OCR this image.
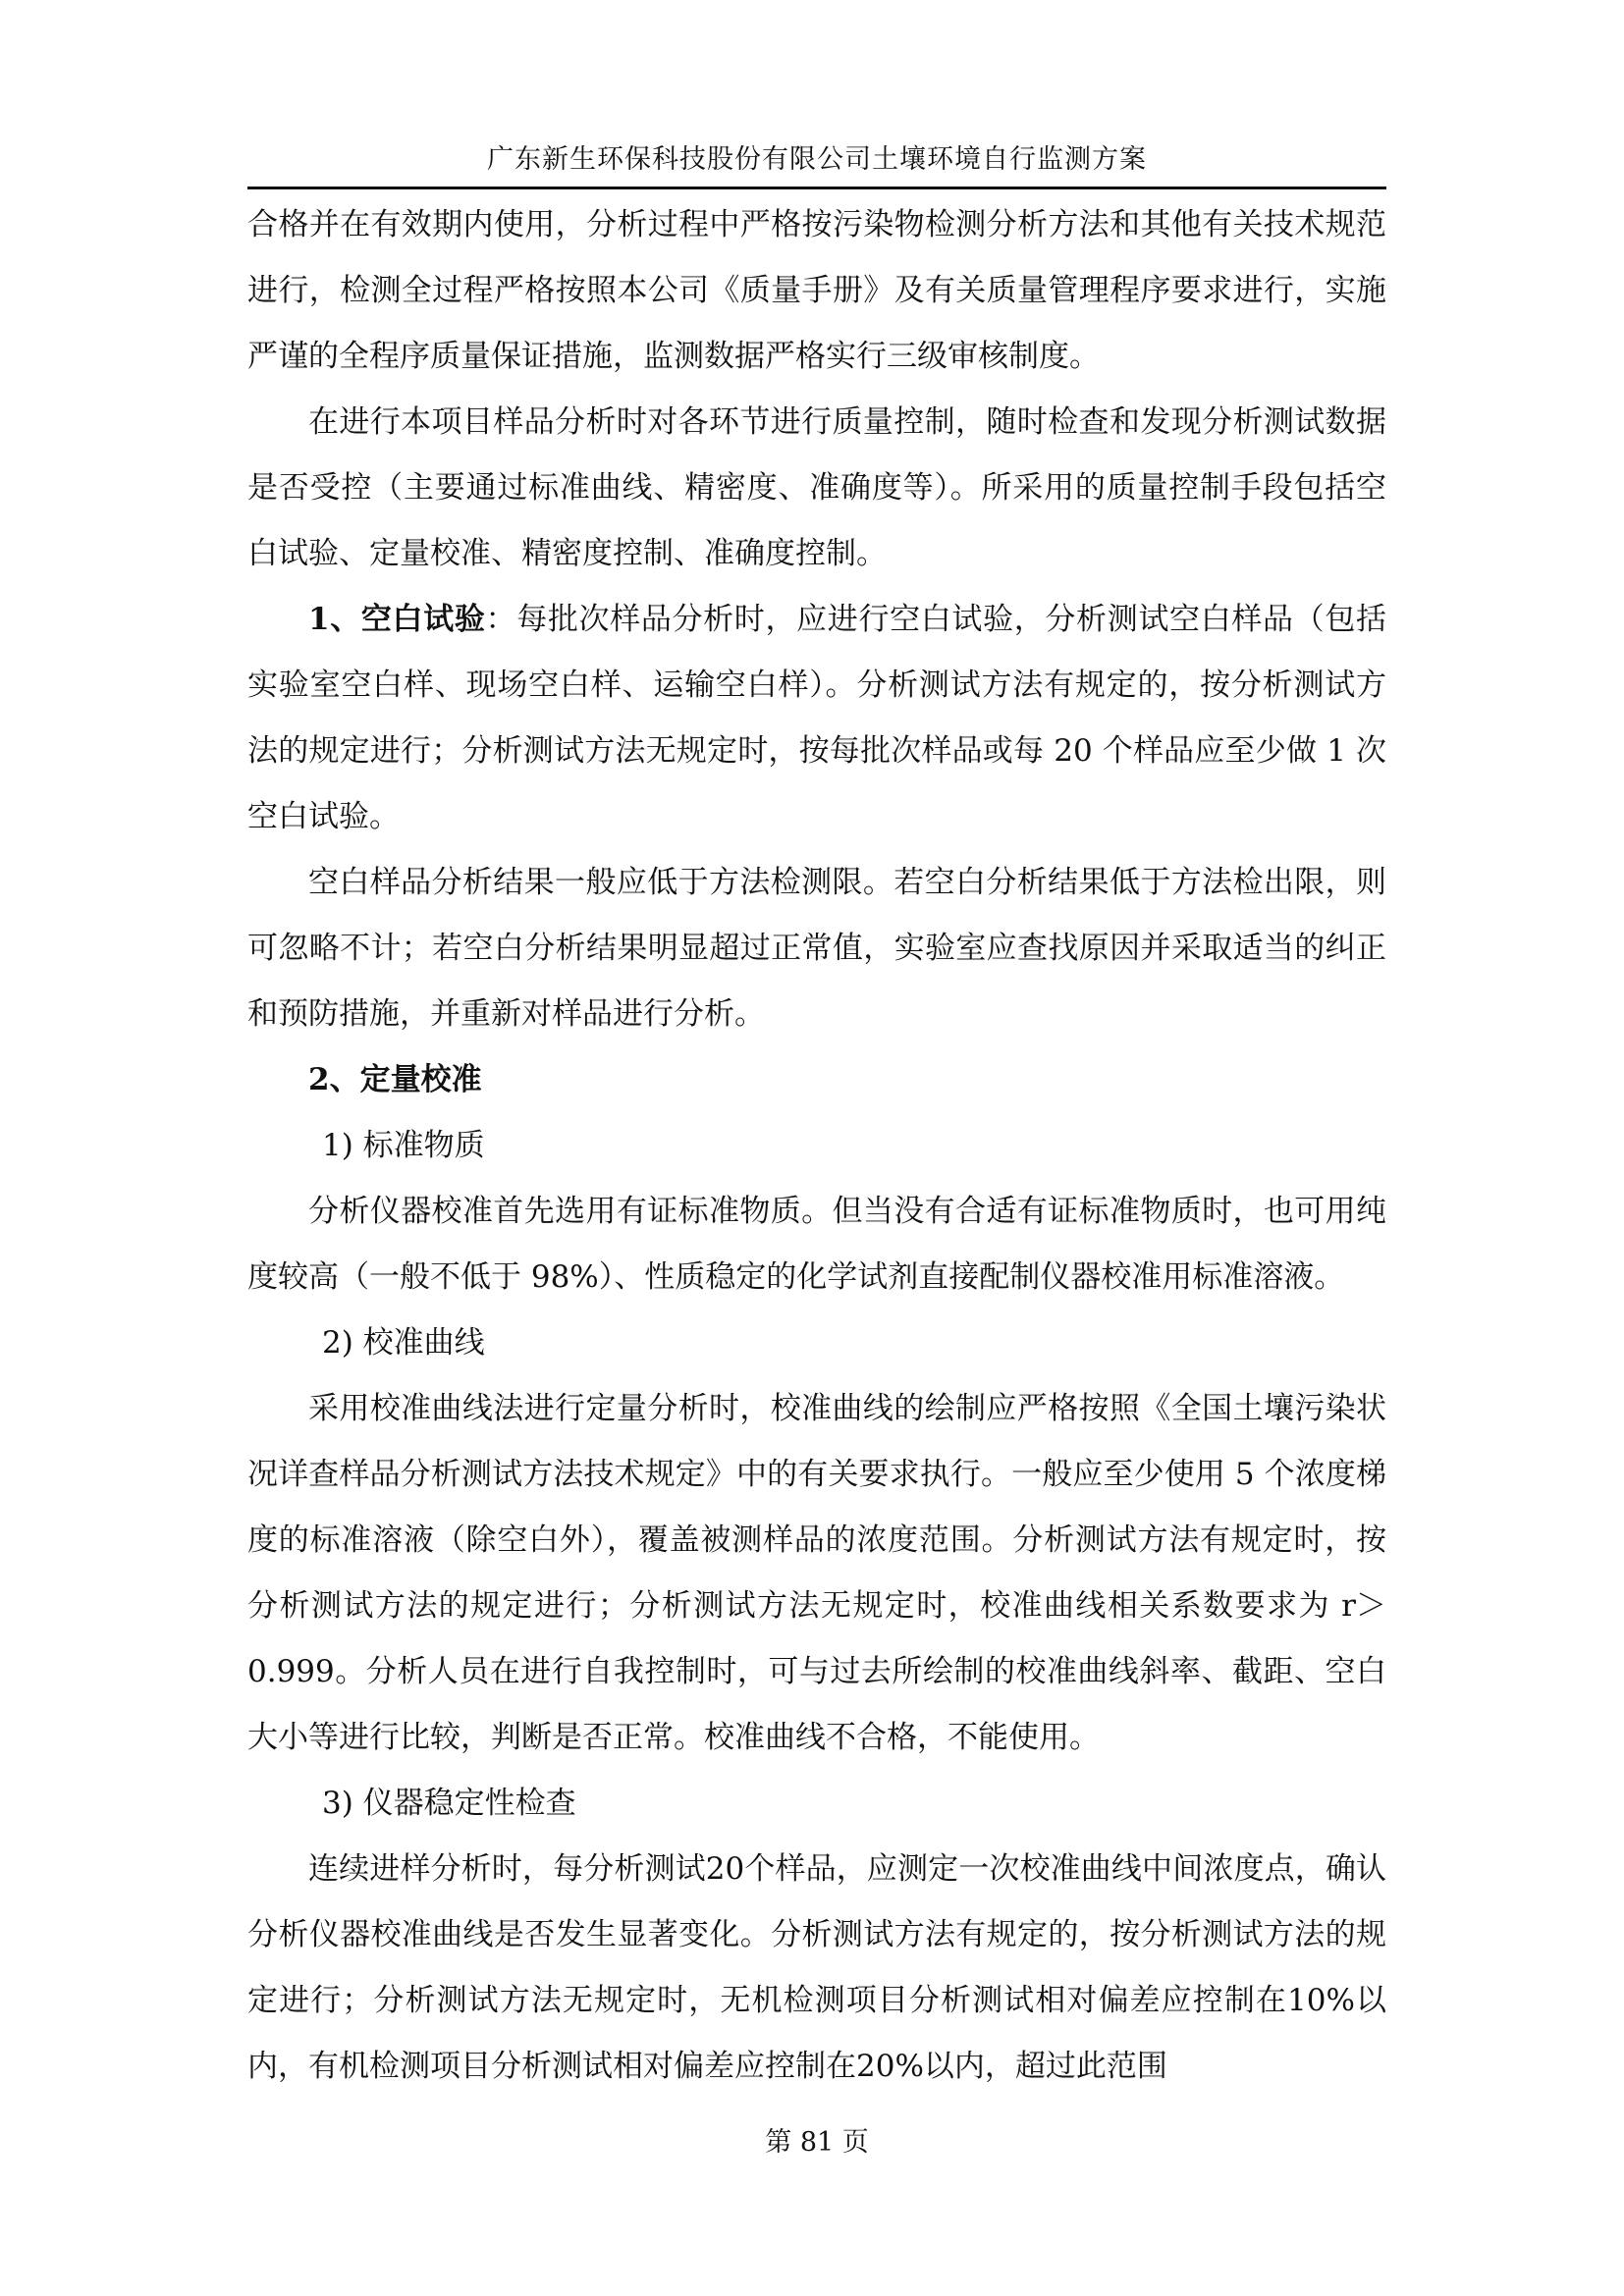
广东新生环保科技股份有限公司土壤环境自行监测方案

合格并在有效期内使用，分析过程中严格按污染物检测分析方法和其他有关技术规范进行，检测全过程严格按照本公司《质量手册》及有关质量管理程序要求进行，实施严谨的全程序质量保证措施，监测数据严格实行三级审核制度。

在进行本项目样品分析时对各环节进行质量控制，随时检查和发现分析测试数据是否受控（主要通过标准曲线、精密度、准确度等）。所采用的质量控制手段包括空白试验、定量校准、精密度控制、准确度控制。

1、空白试验：每批次样品分析时，应进行空白试验，分析测试空白样品（包括实验室空白样、现场空白样、运输空白样）。分析测试方法有规定的，按分析测试方法的规定进行；分析测试方法无规定时，按每批次样品或每 20 个样品应至少做 1 次空白试验。

空白样品分析结果一般应低于方法检测限。若空白分析结果低于方法检出限，则可忽略不计；若空白分析结果明显超过正常值，实验室应查找原因并采取适当的纠正和预防措施，并重新对样品进行分析。

2、定量校准

1) 标准物质

分析仪器校准首先选用有证标准物质。但当没有合适有证标准物质时，也可用纯度较高（一般不低于 98%）、性质稳定的化学试剂直接配制仪器校准用标准溶液。

2) 校准曲线

采用校准曲线法进行定量分析时，校准曲线的绘制应严格按照《全国土壤污染状况详查样品分析测试方法技术规定》中的有关要求执行。一般应至少使用 5 个浓度梯度的标准溶液（除空白外），覆盖被测样品的浓度范围。分析测试方法有规定时，按分析测试方法的规定进行；分析测试方法无规定时，校准曲线相关系数要求为 r＞0.999。分析人员在进行自我控制时，可与过去所绘制的校准曲线斜率、截距、空白大小等进行比较，判断是否正常。校准曲线不合格，不能使用。

3) 仪器稳定性检查

连续进样分析时，每分析测试20个样品，应测定一次校准曲线中间浓度点，确认分析仪器校准曲线是否发生显著变化。分析测试方法有规定的，按分析测试方法的规定进行；分析测试方法无规定时，无机检测项目分析测试相对偏差应控制在10%以内，有机检测项目分析测试相对偏差应控制在20%以内，超过此范围

第 81 页
